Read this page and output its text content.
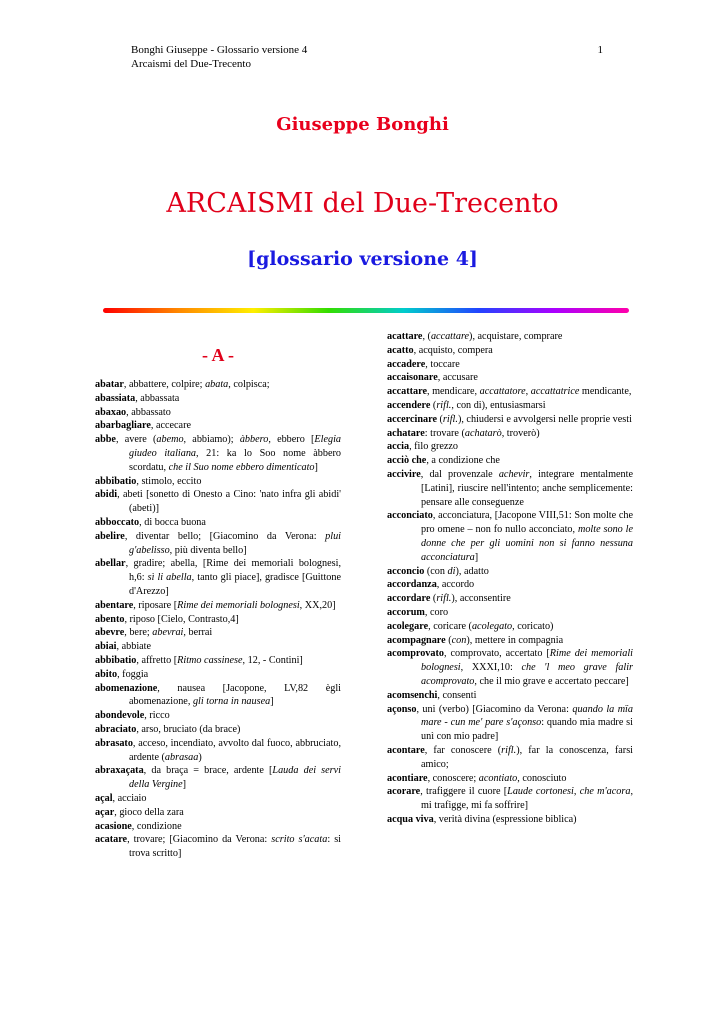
Bonghi Giuseppe - Glossario versione 4
Arcaismi del Due-Trecento
1
Giuseppe Bonghi
ARCAISMI del Due-Trecento
[glossario versione 4]
- A -
abatar, abbattere, colpire; abata, colpisca;
abassiata, abbassata
abaxao, abbassato
abarbagliare, accecare
abbe, avere (abemo, abbiamo); àbbero, ebbero [Elegia giudeo italiana, 21: ka lo Soo nome àbbero scordatu, che il Suo nome ebbero dimenticato]
abbibatio, stimolo, eccito
abidi, abeti [sonetto di Onesto a Cino: 'nato infra gli abidi' (abeti)]
abboccato, di bocca buona
abelire, diventar bello; [Giacomino da Verona: plui g'abelisso, più diventa bello]
abellar, gradire; abella, [Rime dei memoriali bolognesi, h,6: sì li abella, tanto gli piace], gradisce [Guittone d'Arezzo]
abentare, riposare [Rime dei memoriali bolognesi, XX,20]
abento, riposo [Cielo, Contrasto,4]
abevre, bere; abevrai, berrai
abiai, abbiate
abbibatio, affretto [Ritmo cassinese, 12, - Contini]
abito, foggia
abomenazione, nausea [Jacopone, LV,82 ègli abomenazione, gli torna in nausea]
abondevole, ricco
abraciato, arso, bruciato (da brace)
abrasato, acceso, incendiato, avvolto dal fuoco, abbruciato, ardente (abrasaa)
abraxaçata, da braça = brace, ardente [Lauda dei servi della Vergine]
açal, acciaio
açar, gioco della zara
acasione, condizione
acatare, trovare; [Giacomino da Verona: scrito s'acata: si trova scritto]
acattare, (accattare), acquistare, comprare
acatto, acquisto, compera
accadere, toccare
accaisonare, accusare
accattare, mendicare, accattatore, accattatrice mendicante,
accendere (rifl., con di), entusiasmarsi
accercinare (rifl.), chiudersi e avvolgersi nelle proprie vesti
achatare: trovare (achatarò, troverò)
accia, filo grezzo
acciò che, a condizione che
accivire, dal provenzale achevir, integrare mentalmente [Latini], riuscire nell'intento; anche semplicemente: pensare alle conseguenze
acconciato, acconciatura, [Jacopone VIII,51: Son molte che pro omene – non fo nullo acconciato, molte sono le donne che per gli uomini non si fanno nessuna acconciatura]
acconcio (con di), adatto
accordanza, accordo
accordare (rifl.), acconsentire
accorum, coro
acolegare, coricare (acolegato, coricato)
acompagnare (con), mettere in compagnia
acomprovato, comprovato, accertato [Rime dei memoriali bolognesi, XXXI,10: che 'l meo grave falir acomprovato, che il mio grave e accertato peccare]
acomsenchi, consenti
açonso, uni (verbo) [Giacomino da Verona: quando la mïa mare - cun me' pare s'açonso: quando mia madre si unì con mio padre]
acontare, far conoscere (rifl.), far la conoscenza, farsi amico;
acontiare, conoscere; acontiato, conosciuto
acorare, trafiggere il cuore [Laude cortonesi, che m'acora, mi trafigge, mi fa soffrire]
acqua viva, verità divina (espressione biblica)
